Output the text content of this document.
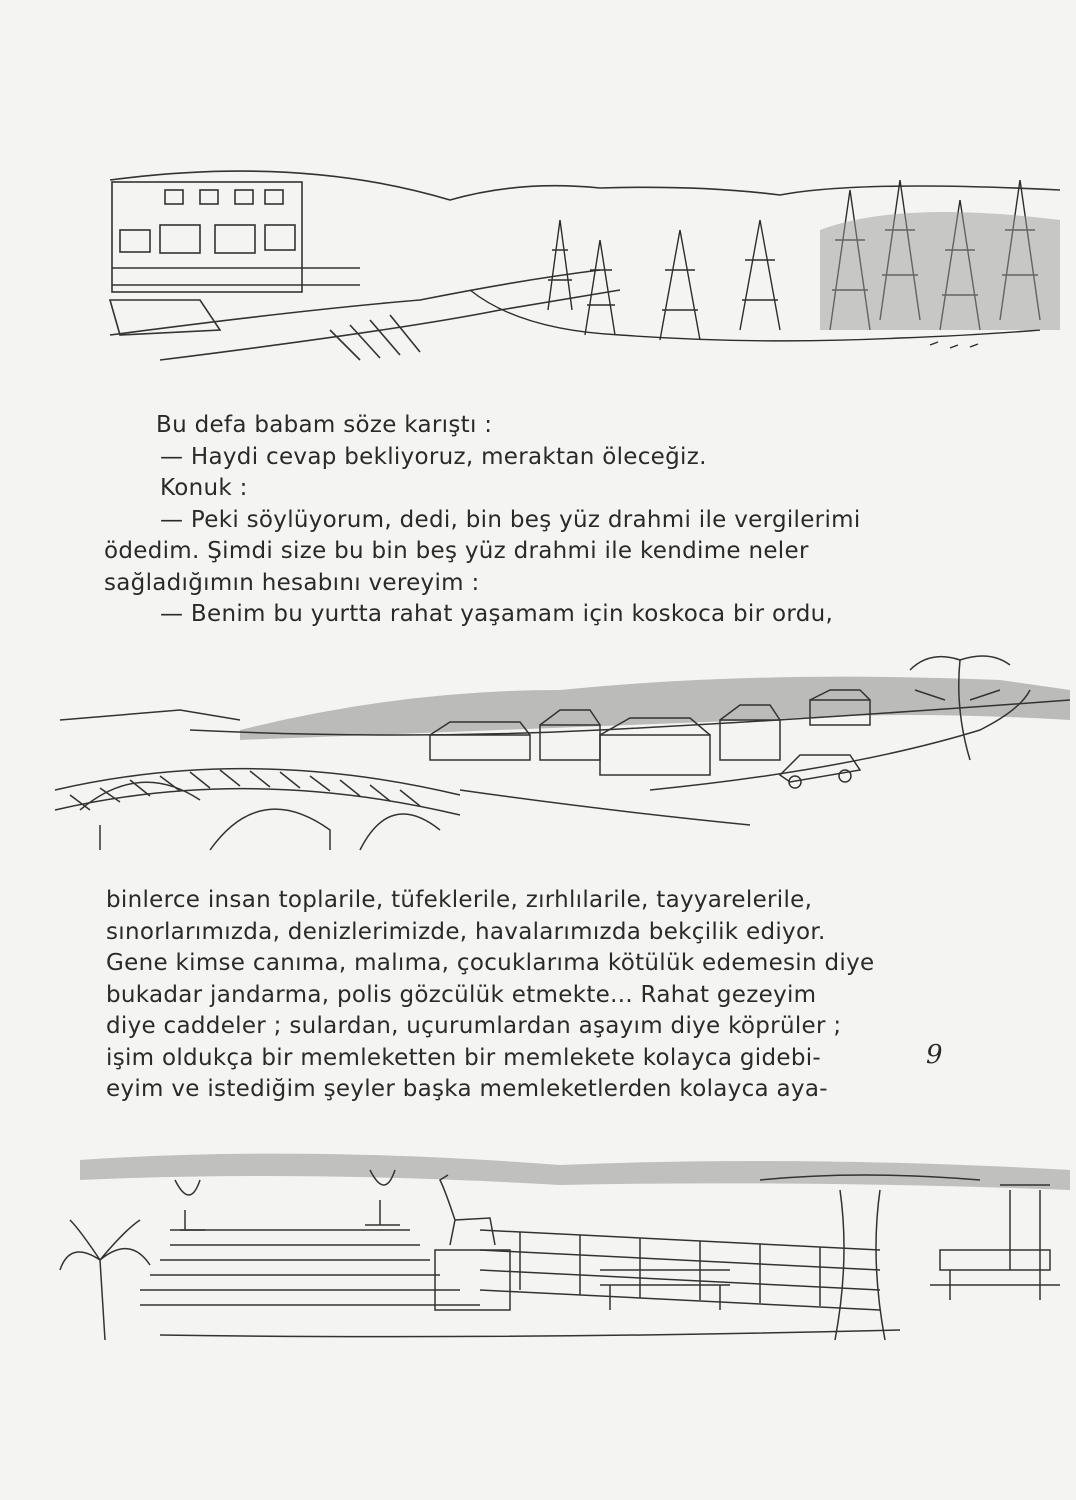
Bu defa babam söze karıştı :
— Haydi cevap bekliyoruz, meraktan öleceğiz.
Konuk :
— Peki söylüyorum, dedi, bin beş yüz drahmi ile vergilerimi
ödedim. Şimdi size bu bin beş yüz drahmi ile kendime neler
sağladığımın hesabını vereyim :
— Benim bu yurtta rahat yaşamam için koskoca bir ordu,
binlerce insan toplarile, tüfeklerile, zırhlılarile, tayyarelerile,
sınorlarımızda, denizlerimizde, havalarımızda bekçilik ediyor.
Gene kimse canıma, malıma, çocuklarıma kötülük edemesin diye
bukadar jandarma, polis gözcülük etmekte... Rahat gezeyim
diye caddeler ; sulardan, uçurumlardan aşayım diye köprüler ;
işim oldukça bir memleketten bir memlekete kolayca gidebi-
eyim ve istediğim şeyler başka memleketlerden kolayca aya-
9
